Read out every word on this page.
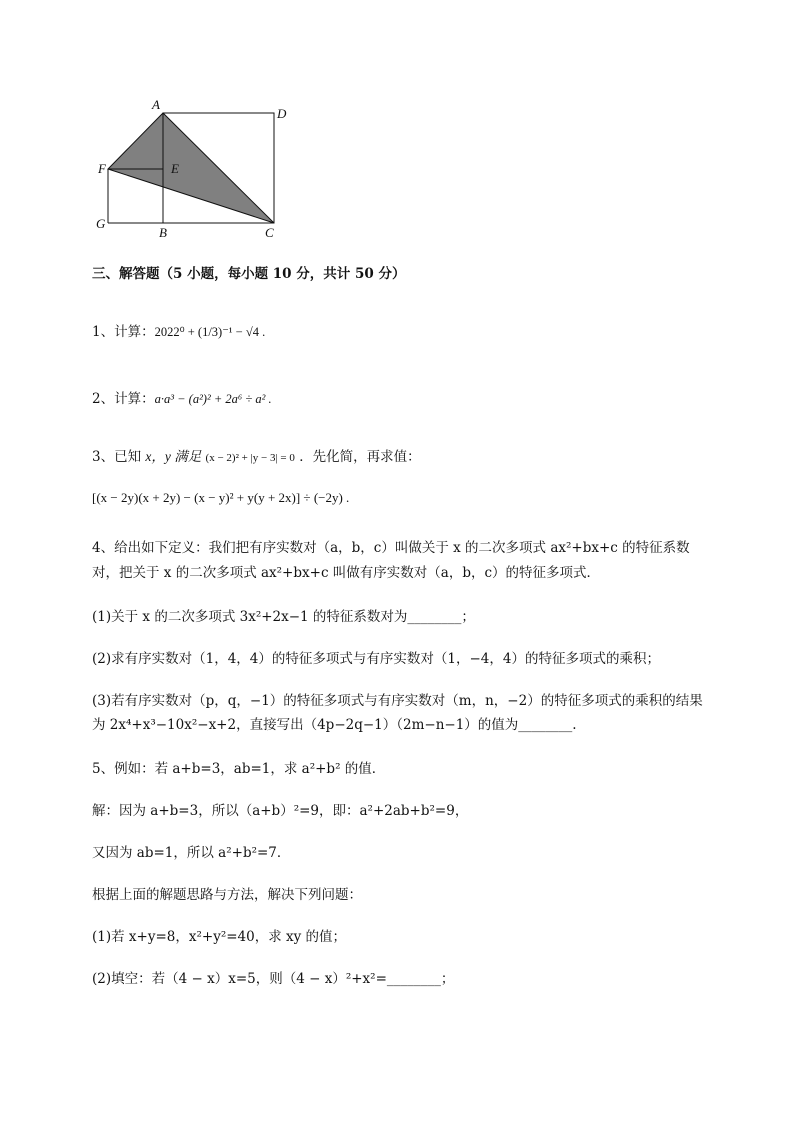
A
D
F	E
G
B	C
三、解答题（5 小题，每小题 10 分，共计 50 分）
1、计算：2022⁰ + (1/3)⁻¹ − √4 .
2、计算：a·a³ − (a²)² + 2a⁶ ÷ a² .
3、已知 x，y 满足 (x − 2)² + |y − 3| = 0 ．先化简，再求值：
[(x − 2y)(x + 2y) − (x − y)² + y(y + 2x)] ÷ (−2y) .
4、给出如下定义：我们把有序实数对（a，b，c）叫做关于 x 的二次多项式 ax²+bx+c 的特征系数
对，把关于 x 的二次多项式 ax²+bx+c 叫做有序实数对（a，b，c）的特征多项式．
(1)关于 x 的二次多项式 3x²+2x−1 的特征系数对为________；
(2)求有序实数对（1，4，4）的特征多项式与有序实数对（1，−4，4）的特征多项式的乘积；
(3)若有序实数对（p，q，−1）的特征多项式与有序实数对（m，n，−2）的特征多项式的乘积的结果
为 2x⁴+x³−10x²−x+2，直接写出（4p−2q−1）（2m−n−1）的值为________.
5、例如：若 a+b=3，ab=1，求 a²+b² 的值．
解：因为 a+b=3，所以（a+b）²=9，即：a²+2ab+b²=9，
又因为 ab=1，所以 a²+b²=7．
根据上面的解题思路与方法，解决下列问题：
(1)若 x+y=8，x²+y²=40，求 xy 的值；
(2)填空：若（4 − x）x=5，则（4 − x）²+x²=________；
